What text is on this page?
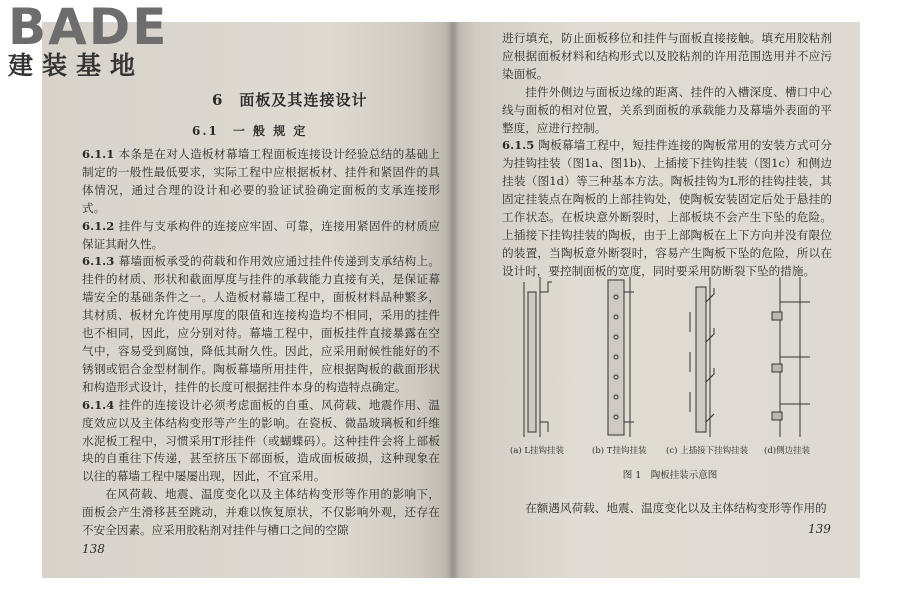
BADE
建装基地
6　面板及其连接设计
6.1　一 般 规 定
6.1.1 本条是在对人造板材幕墙工程面板连接设计经验总结的基础上制定的一般性最低要求，实际工程中应根据板材、挂件和紧固件的具体情况，通过合理的设计和必要的验证试验确定面板的支承连接形式。
6.1.2 挂件与支承构件的连接应牢固、可靠，连接用紧固件的材质应保证其耐久性。
6.1.3 幕墙面板承受的荷载和作用效应通过挂件传递到支承结构上。挂件的材质、形状和截面厚度与挂件的承载能力直接有关，是保证幕墙安全的基础条件之一。人造板材幕墙工程中，面板材料品种繁多，其材质、板材允许使用厚度的限值和连接构造均不相同，采用的挂件也不相同，因此，应分别对待。幕墙工程中，面板挂件直接暴露在空气中，容易受到腐蚀，降低其耐久性。因此，应采用耐候性能好的不锈钢或铝合金型材制作。陶板幕墙所用挂件，应根据陶板的截面形状和构造形式设计，挂件的长度可根据挂件本身的构造特点确定。
6.1.4 挂件的连接设计必须考虑面板的自重、风荷载、地震作用、温度效应以及主体结构变形等产生的影响。在瓷板、微晶玻璃板和纤维水泥板工程中，习惯采用T形挂件（或蝴蝶码）。这种挂件会将上部板块的自重往下传递，甚至挤压下部面板，造成面板破损，这种现象在以往的幕墙工程中屡屡出现，因此，不宜采用。
在风荷载、地震、温度变化以及主体结构变形等作用的影响下，面板会产生滑移甚至跳动，并难以恢复原状，不仅影响外观，还存在不安全因素。应采用胶粘剂对挂件与槽口之间的空隙
138
进行填充，防止面板移位和挂件与面板直接接触。填充用胶粘剂应根据面板材料和结构形式以及胶粘剂的许用范围选用并不应污染面板。
挂件外侧边与面板边缘的距离、挂件的入槽深度、槽口中心线与面板的相对位置，关系到面板的承载能力及幕墙外表面的平整度，应进行控制。
6.1.5 陶板幕墙工程中，短挂件连接的陶板常用的安装方式可分为挂钩挂装（图1a、图1b)、上插接下挂钩挂装（图1c）和侧边挂装（图1d）等三种基本方法。陶板挂钩为L形的挂钩挂装，其固定挂装点在陶板的上部挂钩处，使陶板安装固定后处于悬挂的工作状态。在板块意外断裂时，上部板块不会产生下坠的危险。上插接下挂钩挂装的陶板，由于上部陶板在上下方向并没有限位的装置，当陶板意外断裂时，容易产生陶板下坠的危险，所以在设计时，要控制面板的宽度，同时要采用防断裂下坠的措施。
(a) L挂钩挂装	(b) T挂钩挂装 (c) 上插接下挂钩挂装 (d)侧边挂装
图 1　陶板挂装示意图
在额遇风荷载、地震、温度变化以及主体结构变形等作用的
139
